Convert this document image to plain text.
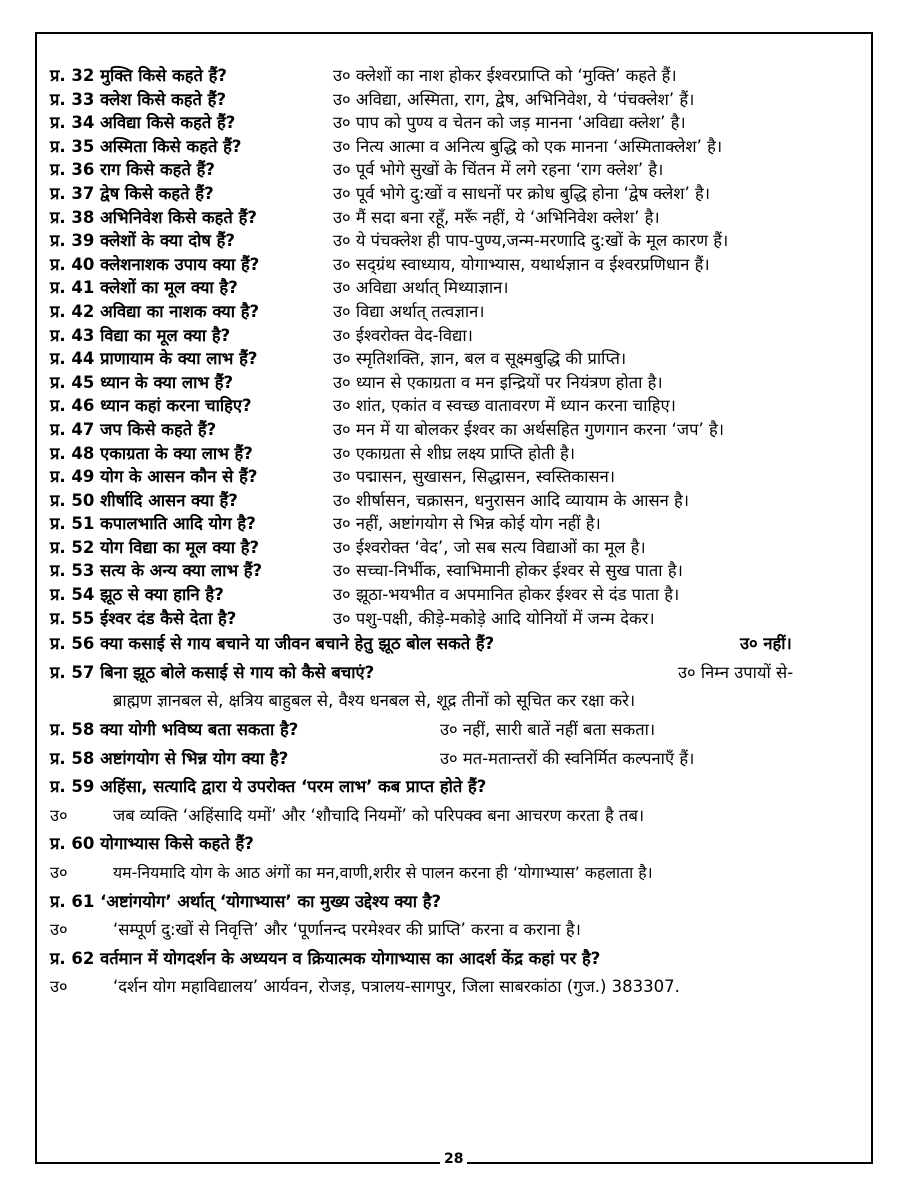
प्र. 32 मुक्ति किसे कहते हैं?	उ० क्लेशों का नाश होकर ईश्वरप्राप्ति को ‘मुक्ति’ कहते हैं।
प्र. 33 क्लेश किसे कहते हैं?	उ० अविद्या, अस्मिता, राग, द्वेष, अभिनिवेश, ये ‘पंचक्लेश’ हैं।
प्र. 34 अविद्या किसे कहते हैं?	उ० पाप को पुण्य व चेतन को जड़ मानना ‘अविद्या क्लेश’ है।
प्र. 35 अस्मिता किसे कहते हैं?	उ० नित्य आत्मा व अनित्य बुद्धि को एक मानना ‘अस्मिताक्लेश’ है।
प्र. 36 राग किसे कहते हैं?	उ० पूर्व भोगे सुखों के चिंतन में लगे रहना ‘राग क्लेश’ है।
प्र. 37 द्वेष किसे कहते हैं?	उ० पूर्व भोगे दु:खों व साधनों पर क्रोध बुद्धि होना ‘द्वेष क्लेश’ है।
प्र. 38 अभिनिवेश किसे कहते हैं?	उ० मैं सदा बना रहूँ, मरूँ नहीं, ये ‘अभिनिवेश क्लेश’ है।
प्र. 39 क्लेशों के क्या दोष हैं?	उ० ये पंचक्लेश ही पाप-पुण्य,जन्म-मरणादि दु:खों के मूल कारण हैं।
प्र. 40 क्लेशनाशक उपाय क्या हैं?	उ० सद्ग्रंथ स्वाध्याय, योगाभ्यास, यथार्थज्ञान व ईश्वरप्रणिधान हैं।
प्र. 41 क्लेशों का मूल क्या है?	उ० अविद्या अर्थात् मिथ्याज्ञान।
प्र. 42 अविद्या का नाशक क्या है?	उ० विद्या अर्थात् तत्वज्ञान।
प्र. 43 विद्या का मूल क्या है?	उ० ईश्वरोक्त वेद-विद्या।
प्र. 44 प्राणायाम के क्या लाभ हैं?	उ० स्मृतिशक्ति, ज्ञान, बल व सूक्ष्मबुद्धि की प्राप्ति।
प्र. 45 ध्यान के क्या लाभ हैं?	उ० ध्यान से एकाग्रता व मन इन्द्रियों पर नियंत्रण होता है।
प्र. 46 ध्यान कहां करना चाहिए?	उ० शांत, एकांत व स्वच्छ वातावरण में ध्यान करना चाहिए।
प्र. 47 जप किसे कहते हैं?	उ० मन में या बोलकर ईश्वर का अर्थसहित गुणगान करना ‘जप’ है।
प्र. 48 एकाग्रता के क्या लाभ हैं?	उ० एकाग्रता से शीघ्र लक्ष्य प्राप्ति होती है।
प्र. 49 योग के आसन कौन से हैं?	उ० पद्मासन, सुखासन, सिद्धासन, स्वस्तिकासन।
प्र. 50 शीर्षादि आसन क्या हैं?	उ० शीर्षासन, चक्रासन, धनुरासन आदि व्यायाम के आसन है।
प्र. 51 कपालभाति आदि योग है?	उ० नहीं, अष्टांगयोग से भिन्न कोई योग नहीं है।
प्र. 52 योग विद्या का मूल क्या है?	उ० ईश्वरोक्त ‘वेद’, जो सब सत्य विद्याओं का मूल है।
प्र. 53 सत्य के अन्य क्या लाभ हैं?	उ० सच्चा-निर्भीक, स्वाभिमानी होकर ईश्वर से सुख पाता है।
प्र. 54 झूठ से क्या हानि है?	उ० झूठा-भयभीत व अपमानित होकर ईश्वर से दंड पाता है।
प्र. 55 ईश्वर दंड कैसे देता है?	उ० पशु-पक्षी, कीड़े-मकोड़े आदि योनियों में जन्म देकर।
प्र. 56 क्या कसाई से गाय बचाने या जीवन बचाने हेतु झूठ बोल सकते हैं?	उ० नहीं।
प्र. 57 बिना झूठ बोले कसाई से गाय को कैसे बचाएं?	उ० निम्न उपायों से-
ब्राह्मण ज्ञानबल से, क्षत्रिय बाहुबल से, वैश्य धनबल से, शूद्र तीनों को सूचित कर रक्षा करे।
प्र. 58 क्या योगी भविष्य बता सकता है?	उ० नहीं, सारी बातें नहीं बता सकता।
प्र. 58 अष्टांगयोग से भिन्न योग क्या है?	उ० मत-मतान्तरों की स्वनिर्मित कल्पनाएँ हैं।
प्र. 59 अहिंसा, सत्यादि द्वारा ये उपरोक्त ‘परम लाभ’ कब प्राप्त होते हैं?
उ०	जब व्यक्ति ‘अहिंसादि यमों’ और ‘शौचादि नियमों’ को परिपक्व बना आचरण करता है तब।
प्र. 60 योगाभ्यास किसे कहते हैं?
उ०	यम-नियमादि योग के आठ अंगों का मन,वाणी,शरीर से पालन करना ही ‘योगाभ्यास’ कहलाता है।
प्र. 61 ‘अष्टांगयोग’ अर्थात् ‘योगाभ्यास’ का मुख्य उद्देश्य क्या है?
उ०	‘सम्पूर्ण दु:खों से निवृत्ति’ और ‘पूर्णानन्द परमेश्वर की प्राप्ति’ करना व कराना है।
प्र. 62 वर्तमान में योगदर्शन के अध्ययन व क्रियात्मक योगाभ्यास का आदर्श केंद्र कहां पर है?
उ०	‘दर्शन योग महाविद्यालय’ आर्यवन, रोजड़, पत्रालय-सागपुर, जिला साबरकांठा (गुज.) 383307.
28
